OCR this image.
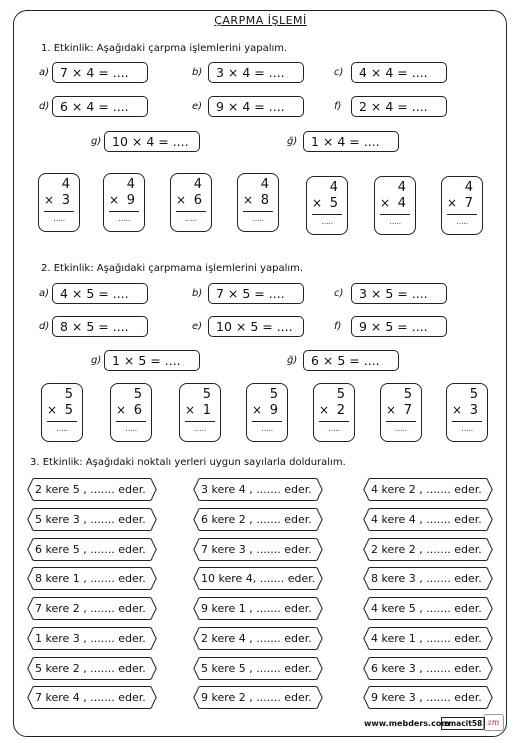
ÇARPMA İŞLEMİ
1. Etkinlik: Aşağıdaki çarpma işlemlerini yapalım.
a) 7 × 4 = ....	b)	3 × 4 = ....	c)	4 × 4 = ....
d) 6 × 4 = ....	e)	9 × 4 = ....	f)	2 × 4 = ....
g) 10 × 4 = ....	ğ)	1 × 4 = ....
4
× 3
.....
4
× 9
.....
4
× 6
.....
4
× 8
.....
4
× 5
.....
4
× 4
.....
4
× 7
.....
2. Etkinlik: Aşağıdaki çarpmama işlemlerini yapalım.
a) 4 × 5 = ....	b)	7 × 5 = ....	c)	3 × 5 = ....
d) 8 × 5 = ....	e)	10 × 5 = ....	f)	9 × 5 = ....
g) 1 × 5 = ....	ğ)	6 × 5 = ....
5
× 5
.....
5
× 6
.....
5
× 1
.....
5
× 9
.....
5
× 2
.....
5
× 7
.....
5
× 3
.....
3. Etkinlik: Aşağıdaki noktalı yerleri uygun sayılarla dolduralım.
2 kere 5 , ....... eder.
5 kere 3 , ....... eder.
6 kere 5 , ....... eder.
8 kere 1 , ....... eder.
7 kere 2 , ....... eder.
1 kere 3 , ....... eder.
5 kere 2 , ....... eder.
7 kere 4 , ....... eder.
3 kere 4 , ....... eder.
6 kere 2 , ....... eder.
7 kere 3 , ....... eder.
10 kere 4, ....... eder.
9 kere 1 , ....... eder.
2 kere 4 , ....... eder.
5 kere 5 , ....... eder.
9 kere 2 , ....... eder.
4 kere 2 , ....... eder.
4 kere 4 , ....... eder.
2 kere 2 , ....... eder.
8 kere 3 , ....... eder.
4 kere 5 , ....... eder.
4 kere 1 , ....... eder.
6 kere 3 , ....... eder.
9 kere 3 , ....... eder.
www.mebders.com
zmacit58 zm
